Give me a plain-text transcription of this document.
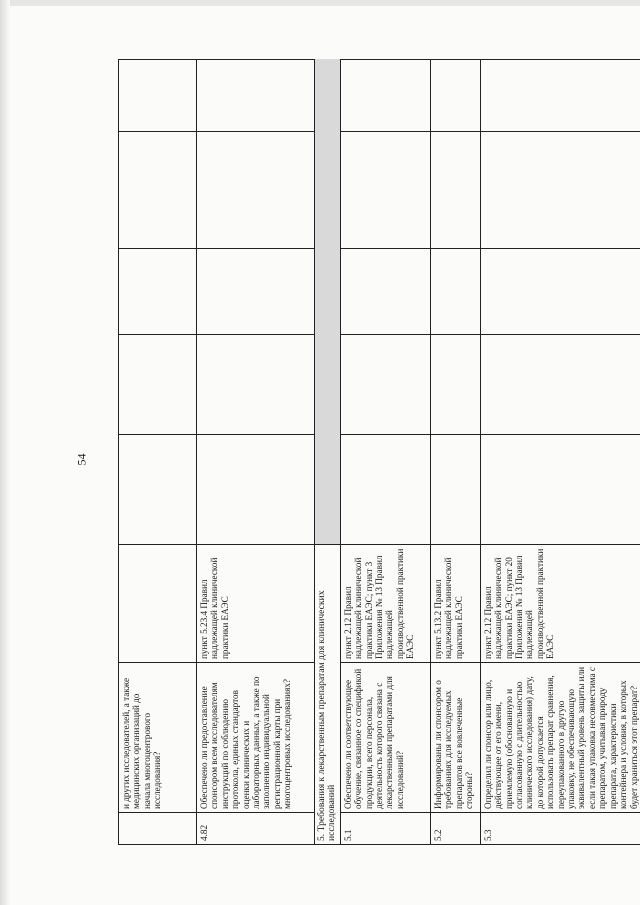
54
	и других исследователей, а также медицинских организаций до начала многоцентрового исследования?						
4.82	Обеспечено ли предоставление спонсором всем исследователям инструкций по соблюдению протокола, единых стандартов оценки клинических и лабораторных данных, а также по заполнению индивидуальной регистрационной карты при многоцентровых исследованиях?	пункт 5.23.4 Правил надлежащей клинической практики ЕАЭС					
5. Требования к лекарственным препаратам для клинических исследований							
5.1	Обеспечено ли соответствующее обучение, связанное со спецификой продукции, всего персонала, деятельность которого связана с лекарственными препаратами для исследований?	пункт 2.12 Правил надлежащей клинической практики ЕАЭС; пункт 3 Приложения № 13 Правил надлежащей производственной практики ЕАЭС					
5.2	Информированы ли спонсором о требованиях для исследуемых препаратов все вовлеченные стороны?	пункт 5.13.2 Правил надлежащей клинической практики ЕАЭС					
5.3	Определил ли спонсор или лицо, действующее от его имени, приемлемую (обоснованную и согласованную с длительностью клинического исследования) дату, до которой допускается использовать препарат сравнения, переупакованного в другую упаковку, не обеспечивающую эквивалентный уровень защиты или если такая упаковка несовместима с препаратом, учитывая природу препарата, характеристики контейнера и условия, в которых будет храниться этот препарат?	пункт 2.12 Правил надлежащей клинической практики ЕАЭС; пункт 20 Приложения № 13 Правил надлежащей производственной практики ЕАЭС					
